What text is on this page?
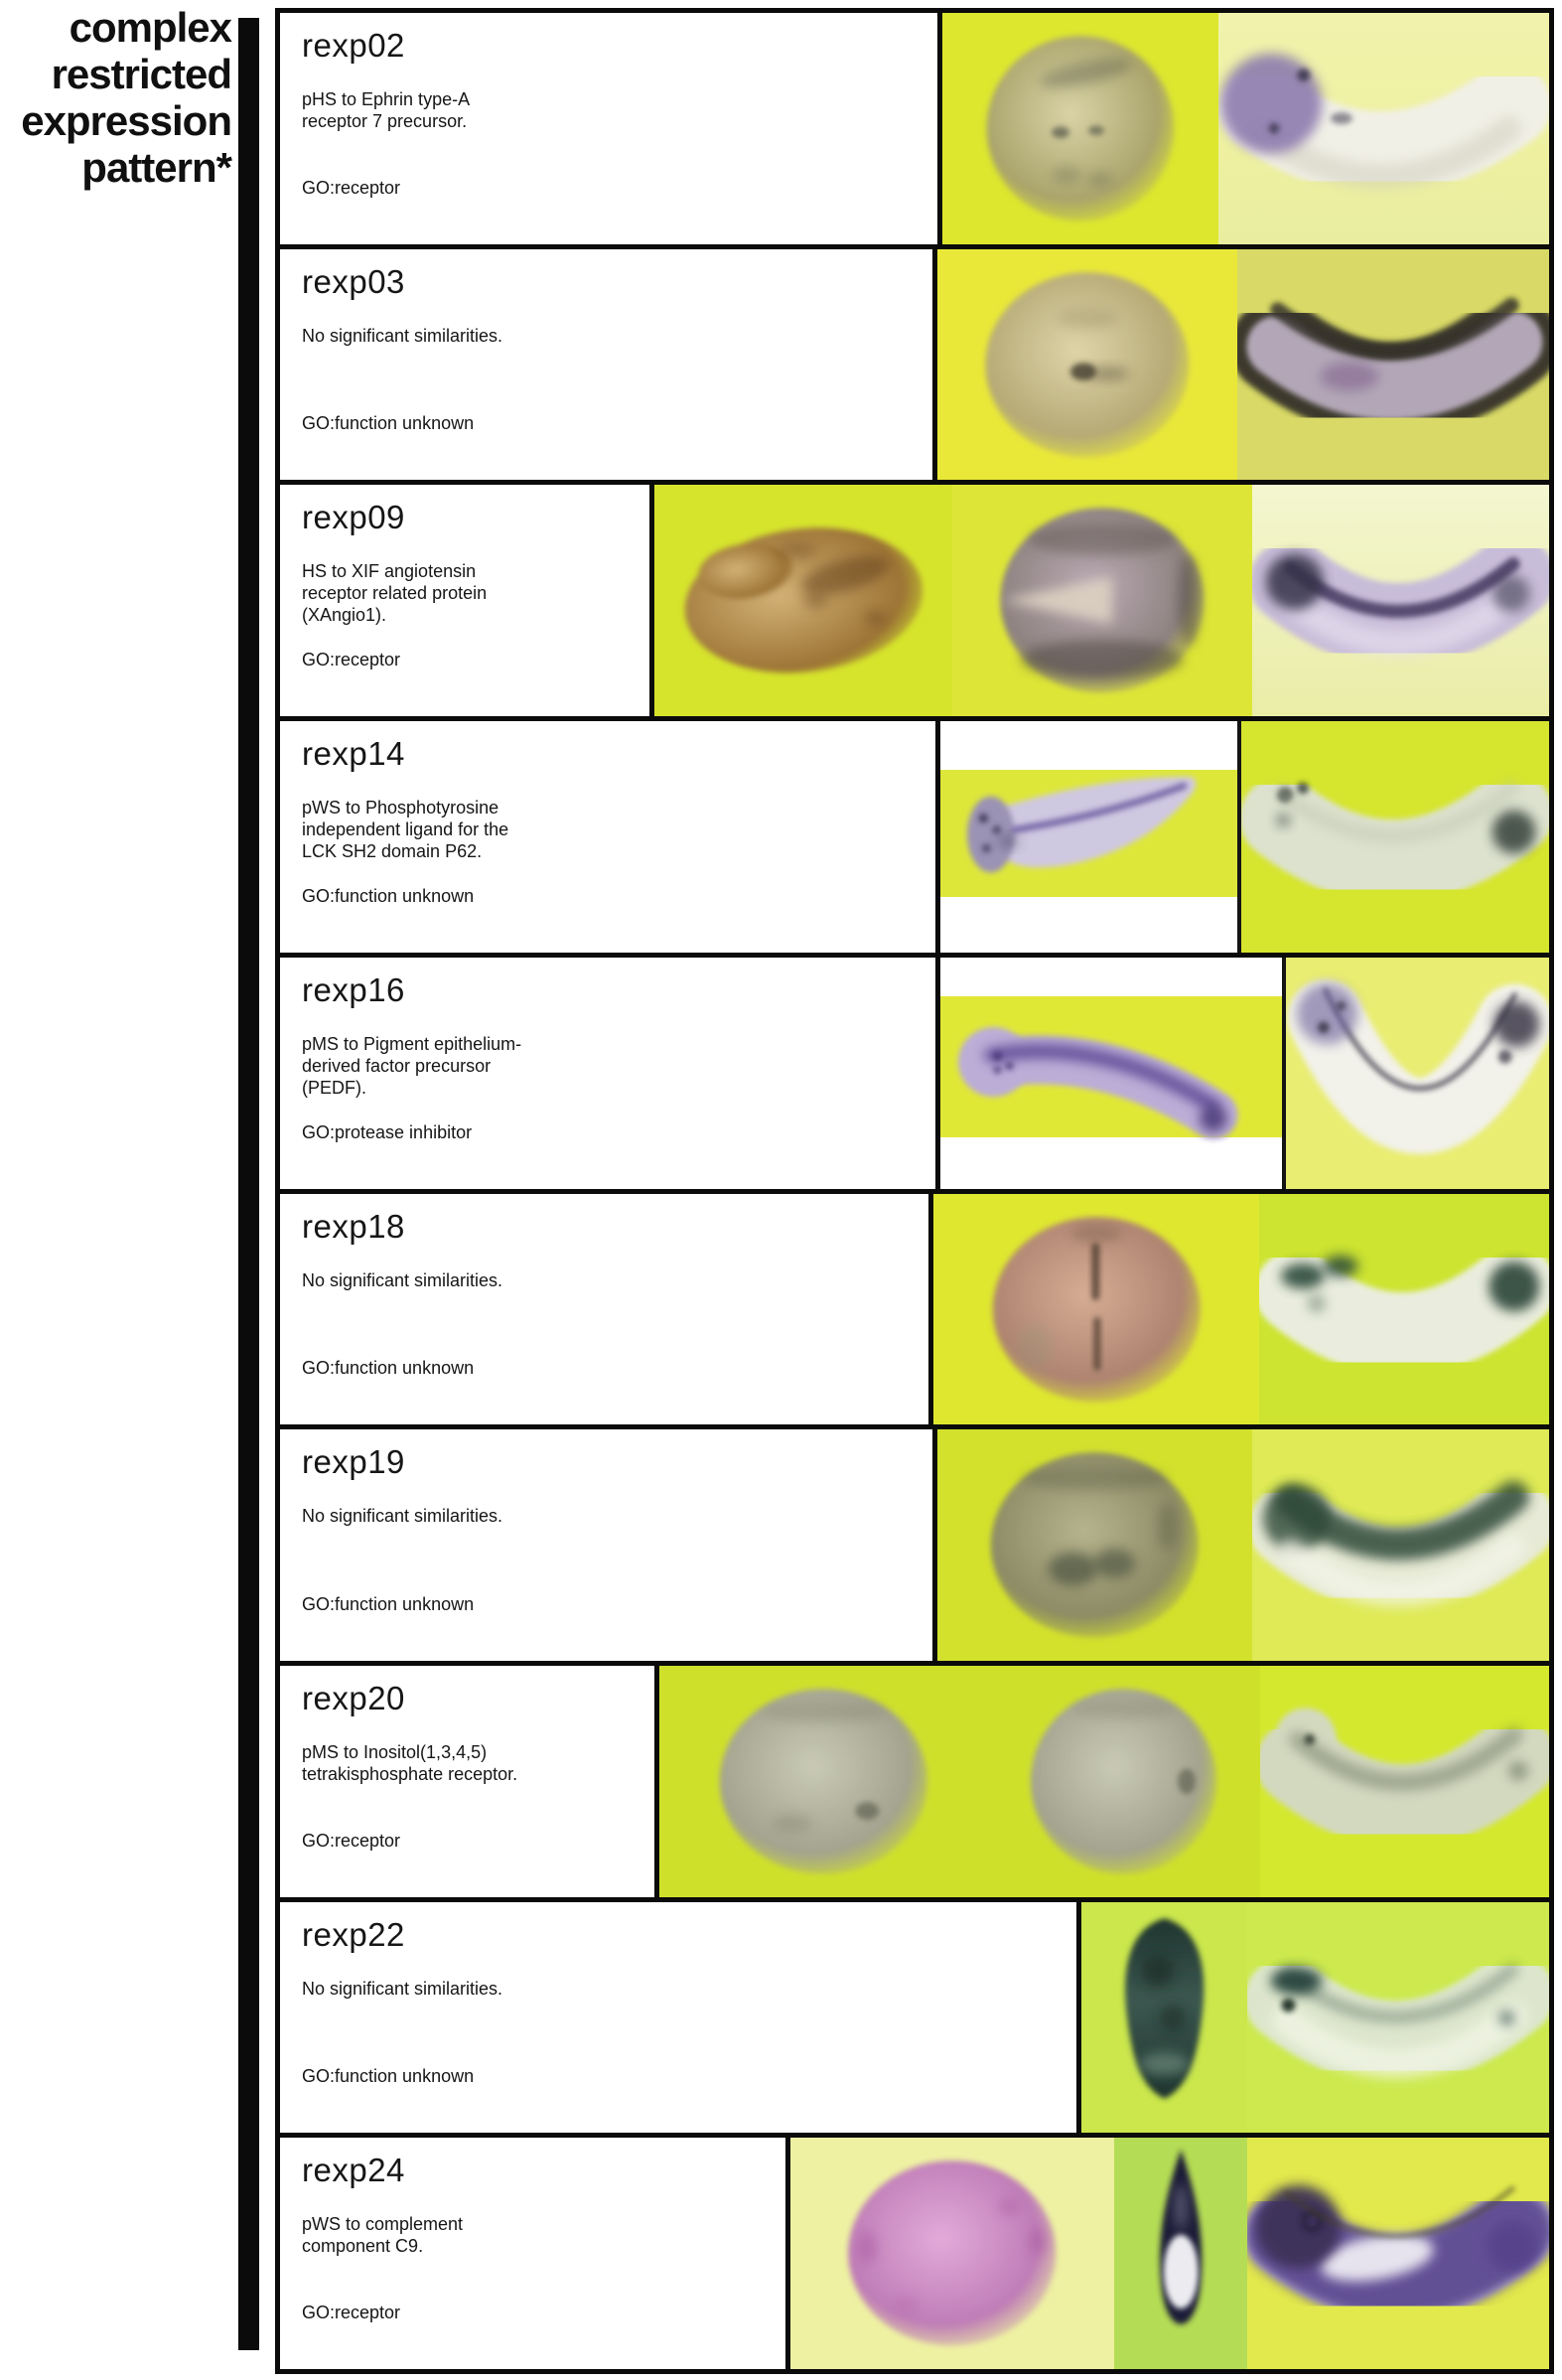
complex
restricted
expression
pattern*
rexp02
pHS to Ephrin type-A receptor 7 precursor.
GO:receptor
rexp03
No significant similarities.
GO:function unknown
rexp09
HS to XIF angiotensin receptor related protein (XAngio1).
GO:receptor
rexp14
pWS to Phosphotyrosine independent ligand for the LCK SH2 domain P62.
GO:function unknown
rexp16
pMS to Pigment epithelium-derived factor precursor (PEDF).
GO:protease inhibitor
rexp18
No significant similarities.
GO:function unknown
rexp19
No significant similarities.
GO:function unknown
rexp20
pMS to Inositol(1,3,4,5) tetrakisphosphate receptor.
GO:receptor
rexp22
No significant similarities.
GO:function unknown
rexp24
pWS to complement component C9.
GO:receptor
